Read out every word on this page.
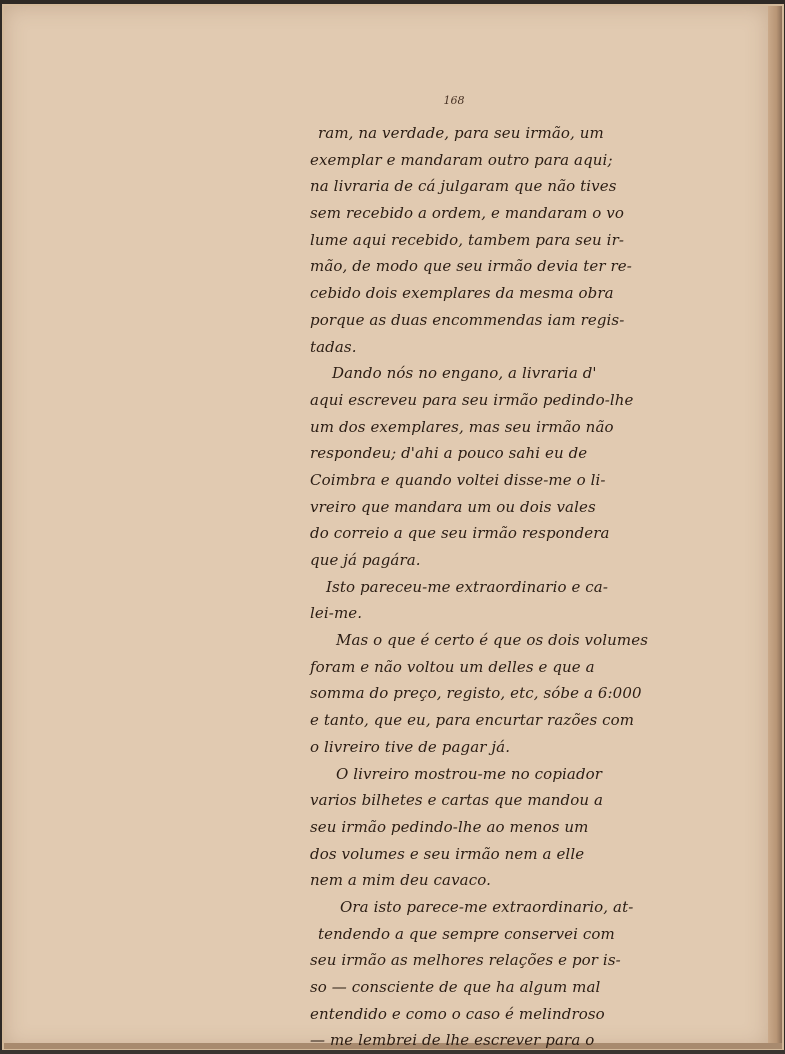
168
ram, na verdade, para seu irmão, um
exemplar e mandaram outro para aqui;
na livraria de cá julgaram que não tives
sem recebido a ordem, e mandaram o vo
lume aqui recebido, tambem para seu ir-
mão, de modo que seu irmão devia ter re-
cebido dois exemplares da mesma obra
porque as duas encommendas iam regis-
tadas.
Dando nós no engano, a livraria d'
aqui escreveu para seu irmão pedindo-lhe
um dos exemplares, mas seu irmão não
respondeu; d'ahi a pouco sahi eu de
Coimbra e quando voltei disse-me o li-
vreiro que mandara um ou dois vales
do correio a que seu irmão respondera
que já pagára.
Isto pareceu-me extraordinario e ca-
lei-me.
Mas o que é certo é que os dois volumes
foram e não voltou um delles e que a
somma do preço, registo, etc, sóbe a 6:000
e tanto, que eu, para encurtar razões com
o livreiro tive de pagar já.
O livreiro mostrou-me no copiador
varios bilhetes e cartas que mandou a
seu irmão pedindo-lhe ao menos um
dos volumes e seu irmão nem a elle
nem a mim deu cavaco.
Ora isto parece-me extraordinario, at-
tendendo a que sempre conservei com
seu irmão as melhores relações e por is-
so — consciente de que ha algum mal
entendido e como o caso é melindroso
— me lembrei de lhe escrever para o
